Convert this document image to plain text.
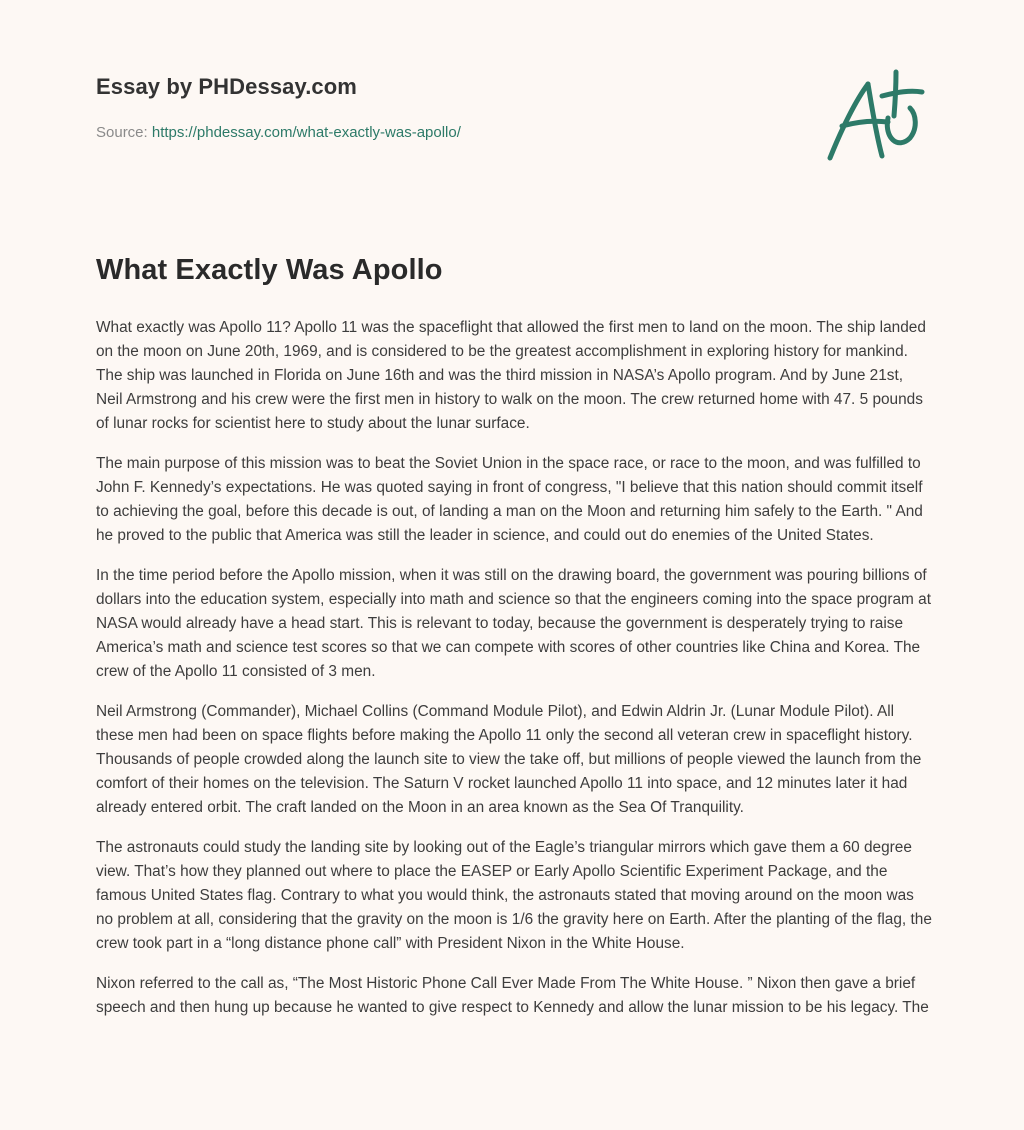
Essay by PHDessay.com

Source: https://phdessay.com/what-exactly-was-apollo/
What Exactly Was Apollo

What exactly was Apollo 11? Apollo 11 was the spaceflight that allowed the first men to land on the moon. The ship landed on the moon on June 20th, 1969, and is considered to be the greatest accomplishment in exploring history for mankind. The ship was launched in Florida on June 16th and was the third mission in NASA’s Apollo program. And by June 21st, Neil Armstrong and his crew were the first men in history to walk on the moon. The crew returned home with 47. 5 pounds of lunar rocks for scientist here to study about the lunar surface.

The main purpose of this mission was to beat the Soviet Union in the space race, or race to the moon, and was fulfilled to John F. Kennedy’s expectations. He was quoted saying in front of congress, "I believe that this nation should commit itself to achieving the goal, before this decade is out, of landing a man on the Moon and returning him safely to the Earth. " And he proved to the public that America was still the leader in science, and could out do enemies of the United States.

In the time period before the Apollo mission, when it was still on the drawing board, the government was pouring billions of dollars into the education system, especially into math and science so that the engineers coming into the space program at NASA would already have a head start. This is relevant to today, because the government is desperately trying to raise America’s math and science test scores so that we can compete with scores of other countries like China and Korea. The crew of the Apollo 11 consisted of 3 men.

Neil Armstrong (Commander), Michael Collins (Command Module Pilot), and Edwin Aldrin Jr. (Lunar Module Pilot). All these men had been on space flights before making the Apollo 11 only the second all veteran crew in spaceflight history. Thousands of people crowded along the launch site to view the take off, but millions of people viewed the launch from the comfort of their homes on the television. The Saturn V rocket launched Apollo 11 into space, and 12 minutes later it had already entered orbit. The craft landed on the Moon in an area known as the Sea Of Tranquility.

The astronauts could study the landing site by looking out of the Eagle’s triangular mirrors which gave them a 60 degree view. That’s how they planned out where to place the EASEP or Early Apollo Scientific Experiment Package, and the famous United States flag. Contrary to what you would think, the astronauts stated that moving around on the moon was no problem at all, considering that the gravity on the moon is 1/6 the gravity here on Earth. After the planting of the flag, the crew took part in a “long distance phone call” with President Nixon in the White House.

Nixon referred to the call as, “The Most Historic Phone Call Ever Made From The White House. ” Nixon then gave a brief speech and then hung up because he wanted to give respect to Kennedy and allow the lunar mission to be his legacy. The
